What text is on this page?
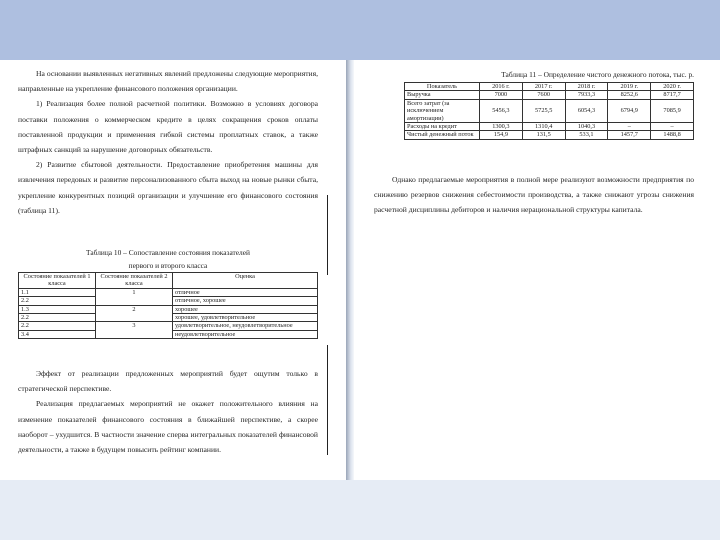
На основании выявленных негативных явлений предложены следующие мероприятия, направленные на укрепление финансового положения организации.

1) Реализация более полной расчетной политики. Возможно в условиях договора поставки положения о коммерческом кредите в целях сокращения сроков оплаты поставленной продукции и применения гибкой системы проплатных ставок, а также штрафных санкций за нарушение договорных обязательств.

2) Развитие сбытовой деятельности. Предоставление приобретения машины для извлечения передовых и развитие персонализованного сбыта выход на новые рынки сбыта, укрепление конкурентных позиций организации и улучшение его финансового состояния (таблица 11).

Таблица 10 – Сопоставление состояния показателей
первого и второго класса
Состояние показателей 1 класса	Состояние показателей 2 класса	Оценка
1.1	1	отличное
2.2		отличное, хорошее
1.3	2	хорошее
2.2		хорошее, удовлетворительное
2.2	3	удовлетворительное, неудовлетворительное
3.4		неудовлетворительное

Эффект от реализации предложенных мероприятий будет ощутим только в стратегической перспективе.

Реализация предлагаемых мероприятий не окажет положительного влияния на изменение показателей финансового состояния в ближайшей перспективе, а скорее наоборот – ухудшится. В частности значение сперва интегральных показателей финансовой деятельности, а также в будущем повысить рейтинг компании.

Таблица 11 – Определение чистого денежного потока, тыс. р.
Показатель	2016 г.	2017 г.	2018 г.	2019 г.	2020 г.
Выручка	7000	7600	7933,3	8252,6	8717,7
Всего затрат (за исключением амортизации)	5456,3	5725,5	6054,3	6794,9	7085,9
Расходы на кредит	1300,3	1310,4	1040,3	–	–
Чистый денежный поток	154,9	131,5	533,1	1457,7	1488,8

Однако предлагаемые мероприятия в полной мере реализуют возможности предприятия по снижению резервов снижения себестоимости производства, а также снижают угрозы снижения расчетной дисциплины дебиторов и наличия нерациональной структуры капитала.
